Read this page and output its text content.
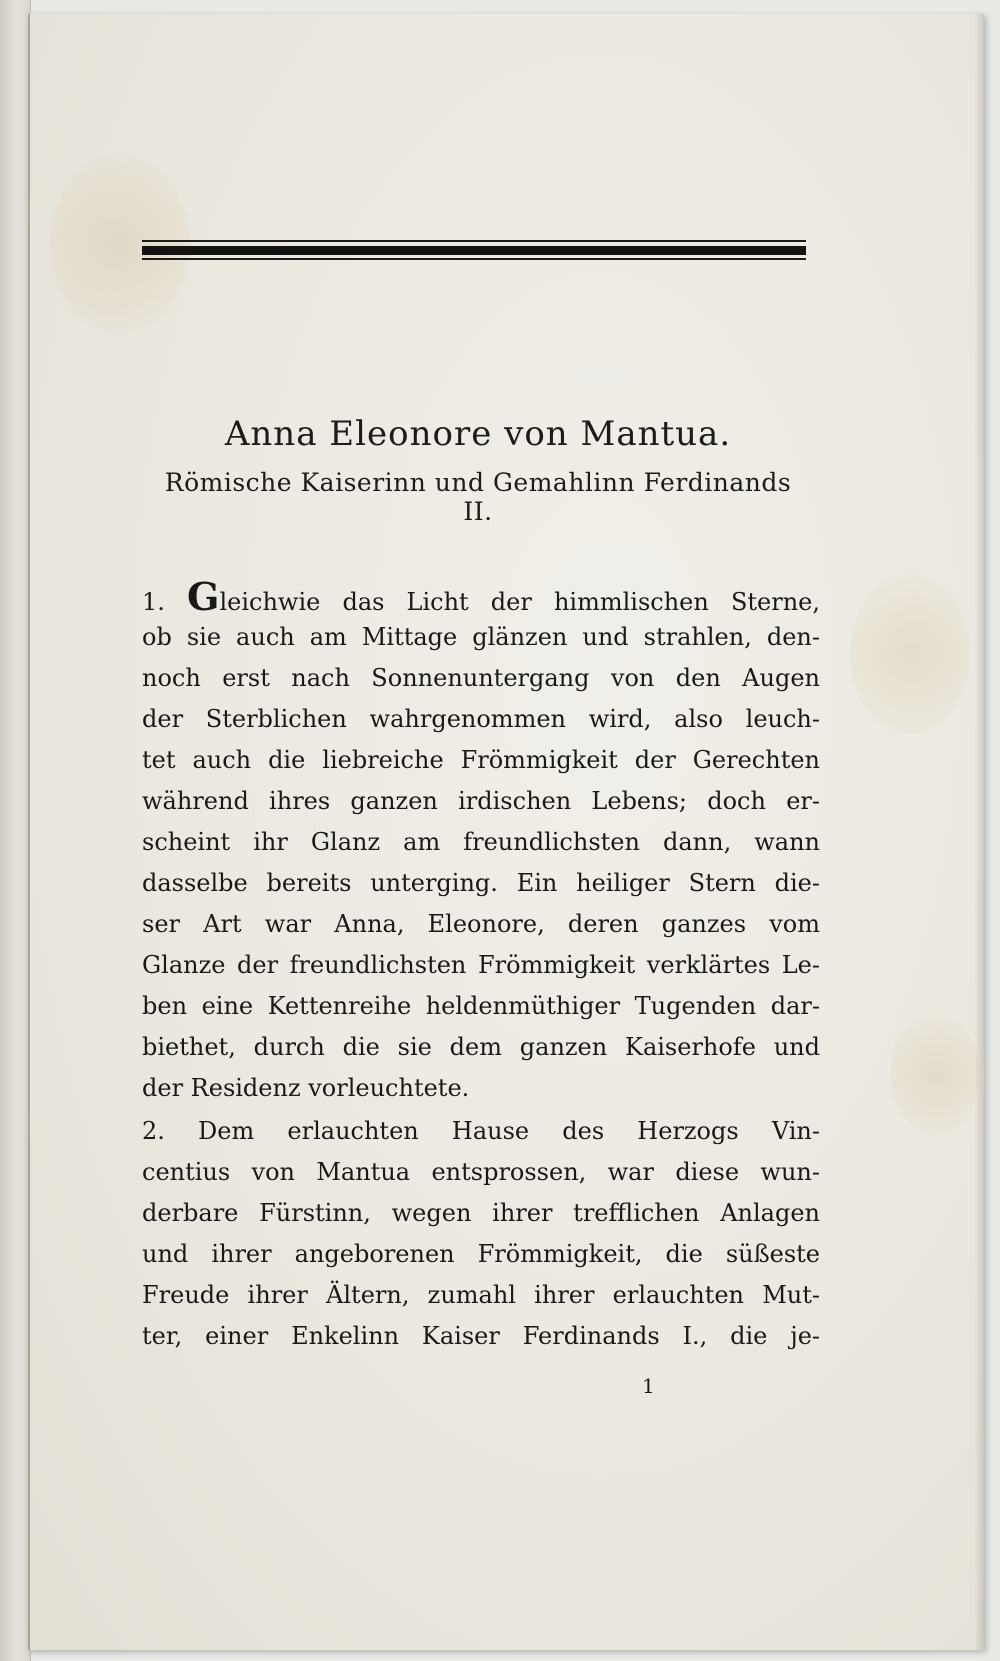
Anna Eleonore von Mantua.
Römische Kaiserinn und Gemahlinn Ferdinands II.
1. Gleichwie das Licht der himmlischen Sterne,
ob sie auch am Mittage glänzen und strahlen, den-
noch erst nach Sonnenuntergang von den Augen
der Sterblichen wahrgenommen wird, also leuch-
tet auch die liebreiche Frömmigkeit der Gerechten
während ihres ganzen irdischen Lebens; doch er-
scheint ihr Glanz am freundlichsten dann, wann
dasselbe bereits unterging. Ein heiliger Stern die-
ser Art war Anna, Eleonore, deren ganzes vom
Glanze der freundlichsten Frömmigkeit verklärtes Le-
ben eine Kettenreihe heldenmüthiger Tugenden dar-
biethet, durch die sie dem ganzen Kaiserhofe und
der Residenz vorleuchtete.
2. Dem erlauchten Hause des Herzogs Vin-
centius von Mantua entsprossen, war diese wun-
derbare Fürstinn, wegen ihrer trefflichen Anlagen
und ihrer angeborenen Frömmigkeit, die süßeste
Freude ihrer Ältern, zumahl ihrer erlauchten Mut-
ter, einer Enkelinn Kaiser Ferdinands I., die je-
1
